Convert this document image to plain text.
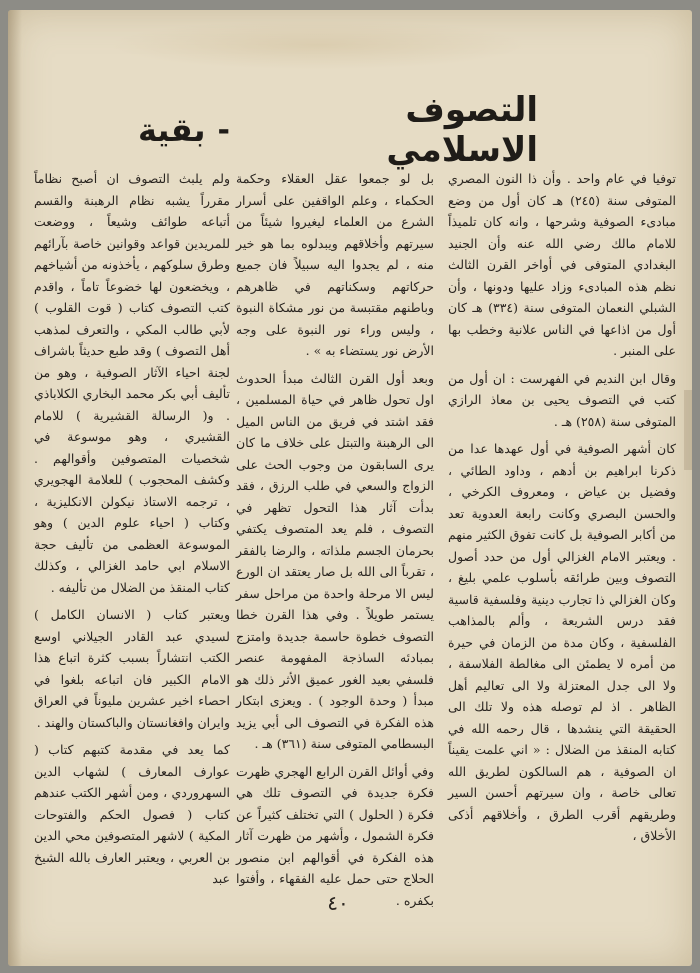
التصوف الاسلامي
-
بقية

توفيا في عام واحد . وأن ذا النون المصري المتوفى سنة (٢٤٥) هـ كان أول من وضع مبادىء الصوفية وشرحها ، وانه كان تلميذاً للامام مالك رضي الله عنه وأن الجنيد البغدادي المتوفى في أواخر القرن الثالث نظم هذه المبادىء وزاد عليها ودونها ، وأن الشبلي النعمان المتوفى سنة (٣٣٤) هـ كان أول من اذاعها في الناس علانية وخطب بها على المنبر .

وقال ابن النديم في الفهرست : ان أول من كتب في التصوف يحيى بن معاذ الرازي المتوفى سنة (٢٥٨) هـ .

كان أشهر الصوفية في أول عهدها عدا من ذكرنا ابراهيم بن أدهم ، وداود الطائي ، وفضيل بن عياض ، ومعروف الكرخي ، والحسن البصري وكانت رابعة العدوية تعد من أكابر الصوفية بل كانت تفوق الكثير منهم . ويعتبر الامام الغزالي أول من حدد أصول التصوف وبين طرائقه بأسلوب علمي بليغ ، وكان الغزالي ذا تجارب دينية وفلسفية قاسية فقد درس الشريعة ، وألم بالمذاهب الفلسفية ، وكان مدة من الزمان في حيرة من أمره لا يطمئن الى مغالطة الفلاسفة ، ولا الى جدل المعتزلة ولا الى تعاليم أهل الظاهر . اذ لم توصله هذه ولا تلك الى الحقيقة التي ينشدها ، قال رحمه الله في كتابه المنقذ من الضلال : « اني علمت يقيناً ان الصوفية ، هم السالكون لطريق الله تعالى خاصة ، وان سيرتهم أحسن السير وطريقهم أقرب الطرق ، وأخلاقهم أذكى الأخلاق ،

بل لو جمعوا عقل العقلاء وحكمة الحكماء ، وعلم الواقفين على أسرار الشرع من العلماء ليغيروا شيئاً من سيرتهم وأخلاقهم ويبدلوه بما هو خير منه ، لم يجدوا اليه سبيلاً فان جميع حركاتهم وسكناتهم في ظاهرهم وباطنهم مقتبسة من نور مشكاة النبوة ، وليس وراء نور النبوة على وجه الأرض نور يستضاء به » .

وبعد أول القرن الثالث مبدأ الحدوث اول تحول ظاهر في حياة المسلمين ، فقد اشتد في فريق من الناس الميل الى الرهبنة والتبتل على خلاف ما كان يرى السابقون من وجوب الحث على الزواج والسعي في طلب الرزق ، فقد بدأت آثار هذا التحول تظهر في التصوف ، فلم يعد المتصوف يكتفي بحرمان الجسم ملذاته ، والرضا بالفقر ، تقرباً الى الله بل صار يعتقد ان الورع ليس الا مرحلة واحدة من مراحل سفر يستمر طويلاً . وفي هذا القرن خطا التصوف خطوة حاسمة جديدة وامتزج بمبادئه الساذجة المفهومة عنصر فلسفي بعيد الغور عميق الأثر ذلك هو مبدأ ( وحدة الوجود ) . ويعزى ابتكار هذه الفكرة في التصوف الى أبي يزيد البسطامي المتوفى سنة (٣٦١) هـ .

وفي أوائل القرن الرابع الهجري ظهرت فكرة جديدة في التصوف تلك هي فكرة ( الحلول ) التي تختلف كثيراً عن فكرة الشمول ، وأشهر من ظهرت آثار هذه الفكرة في أقوالهم ابن منصور الحلاج حتى حمل عليه الفقهاء ، وأفتوا بكفره .

ولم يلبث التصوف ان أصبح نظاماً مقرراً يشبه نظام الرهبنة والقسم أتباعه طوائف وشيعاً ، ووضعت للمريدين قواعد وقوانين خاصة بآرائهم وطرق سلوكهم ، يأخذونه من أشياخهم ، ويخضعون لها خضوعاً تاماً ، واقدم كتب التصوف كتاب ( قوت القلوب ) لأبي طالب المكي ، والتعرف لمذهب أهل التصوف ) وقد طبع حديثاً باشراف لجنة احياء الآثار الصوفية ، وهو من تأليف أبي بكر محمد البخاري الكلاباذي . و( الرسالة القشيرية ) للامام القشيري ، وهو موسوعة في شخصيات المتصوفين وأقوالهم . وكشف المحجوب ) للعلامة الهجويري ، ترجمه الاستاذ نيكولن الانكليزية ، وكتاب ( احياء علوم الدين ) وهو الموسوعة العظمى من تأليف حجة الاسلام ابي حامد الغزالي ، وكذلك كتاب المنقذ من الضلال من تأليفه .

ويعتبر كتاب ( الانسان الكامل ) لسيدي عبد القادر الجيلاني اوسع الكتب انتشاراً بسبب كثرة اتباع هذا الامام الكبير فان اتباعه بلغوا في احصاء اخير عشرين مليوناً في العراق وايران وافغانستان والباكستان والهند .

كما يعد في مقدمة كتبهم كتاب ( عوارف المعارف ) لشهاب الدين السهروردي ، ومن أشهر الكتب عندهم كتاب ( فصول الحكم والفتوحات المكية ) لاشهر المتصوفين محي الدين بن العربي ، ويعتبر العارف بالله الشيخ عبد

٤٠
